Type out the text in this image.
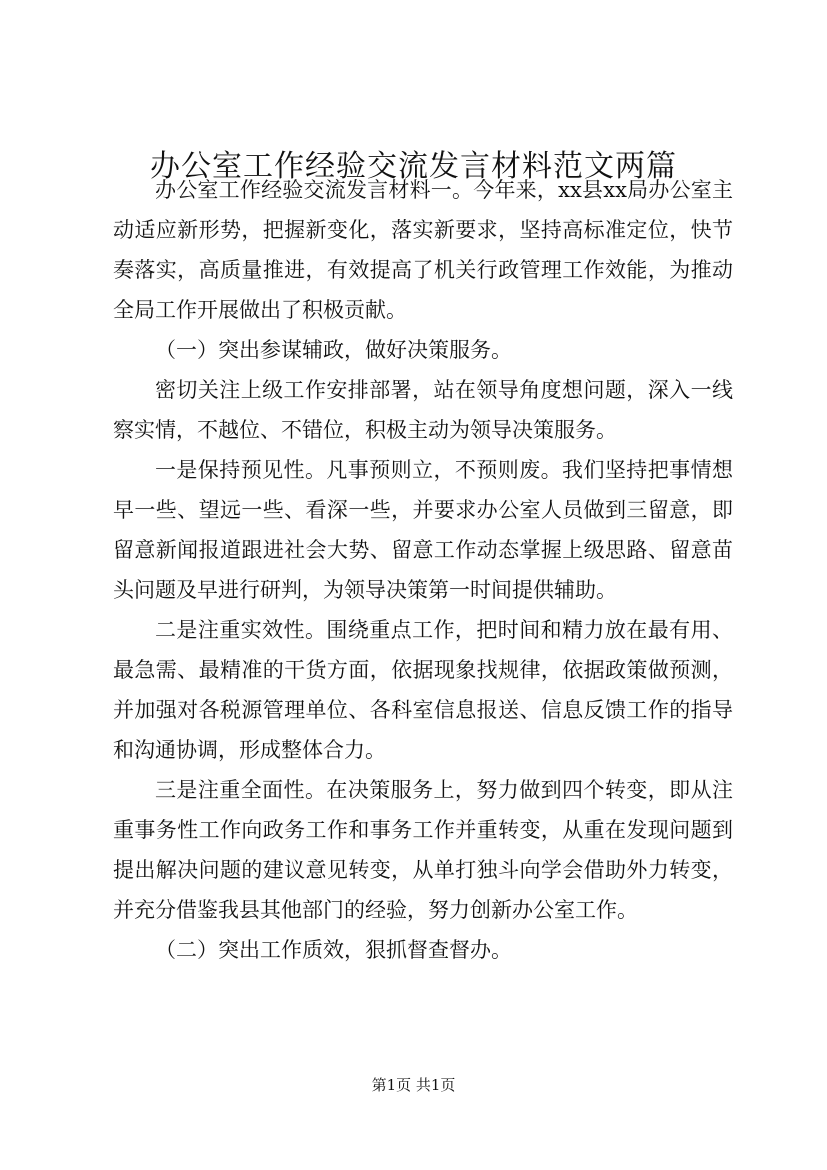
办公室工作经验交流发言材料范文两篇

办公室工作经验交流发言材料一。今年来，xx县xx局办公室主动适应新形势，把握新变化，落实新要求，坚持高标准定位，快节奏落实，高质量推进，有效提高了机关行政管理工作效能，为推动全局工作开展做出了积极贡献。

（一）突出参谋辅政，做好决策服务。

密切关注上级工作安排部署，站在领导角度想问题，深入一线察实情，不越位、不错位，积极主动为领导决策服务。

一是保持预见性。凡事预则立，不预则废。我们坚持把事情想早一些、望远一些、看深一些，并要求办公室人员做到三留意，即留意新闻报道跟进社会大势、留意工作动态掌握上级思路、留意苗头问题及早进行研判，为领导决策第一时间提供辅助。

二是注重实效性。围绕重点工作，把时间和精力放在最有用、最急需、最精准的干货方面，依据现象找规律，依据政策做预测，并加强对各税源管理单位、各科室信息报送、信息反馈工作的指导和沟通协调，形成整体合力。

三是注重全面性。在决策服务上，努力做到四个转变，即从注重事务性工作向政务工作和事务工作并重转变，从重在发现问题到提出解决问题的建议意见转变，从单打独斗向学会借助外力转变，并充分借鉴我县其他部门的经验，努力创新办公室工作。

（二）突出工作质效，狠抓督查督办。

第1页 共1页
